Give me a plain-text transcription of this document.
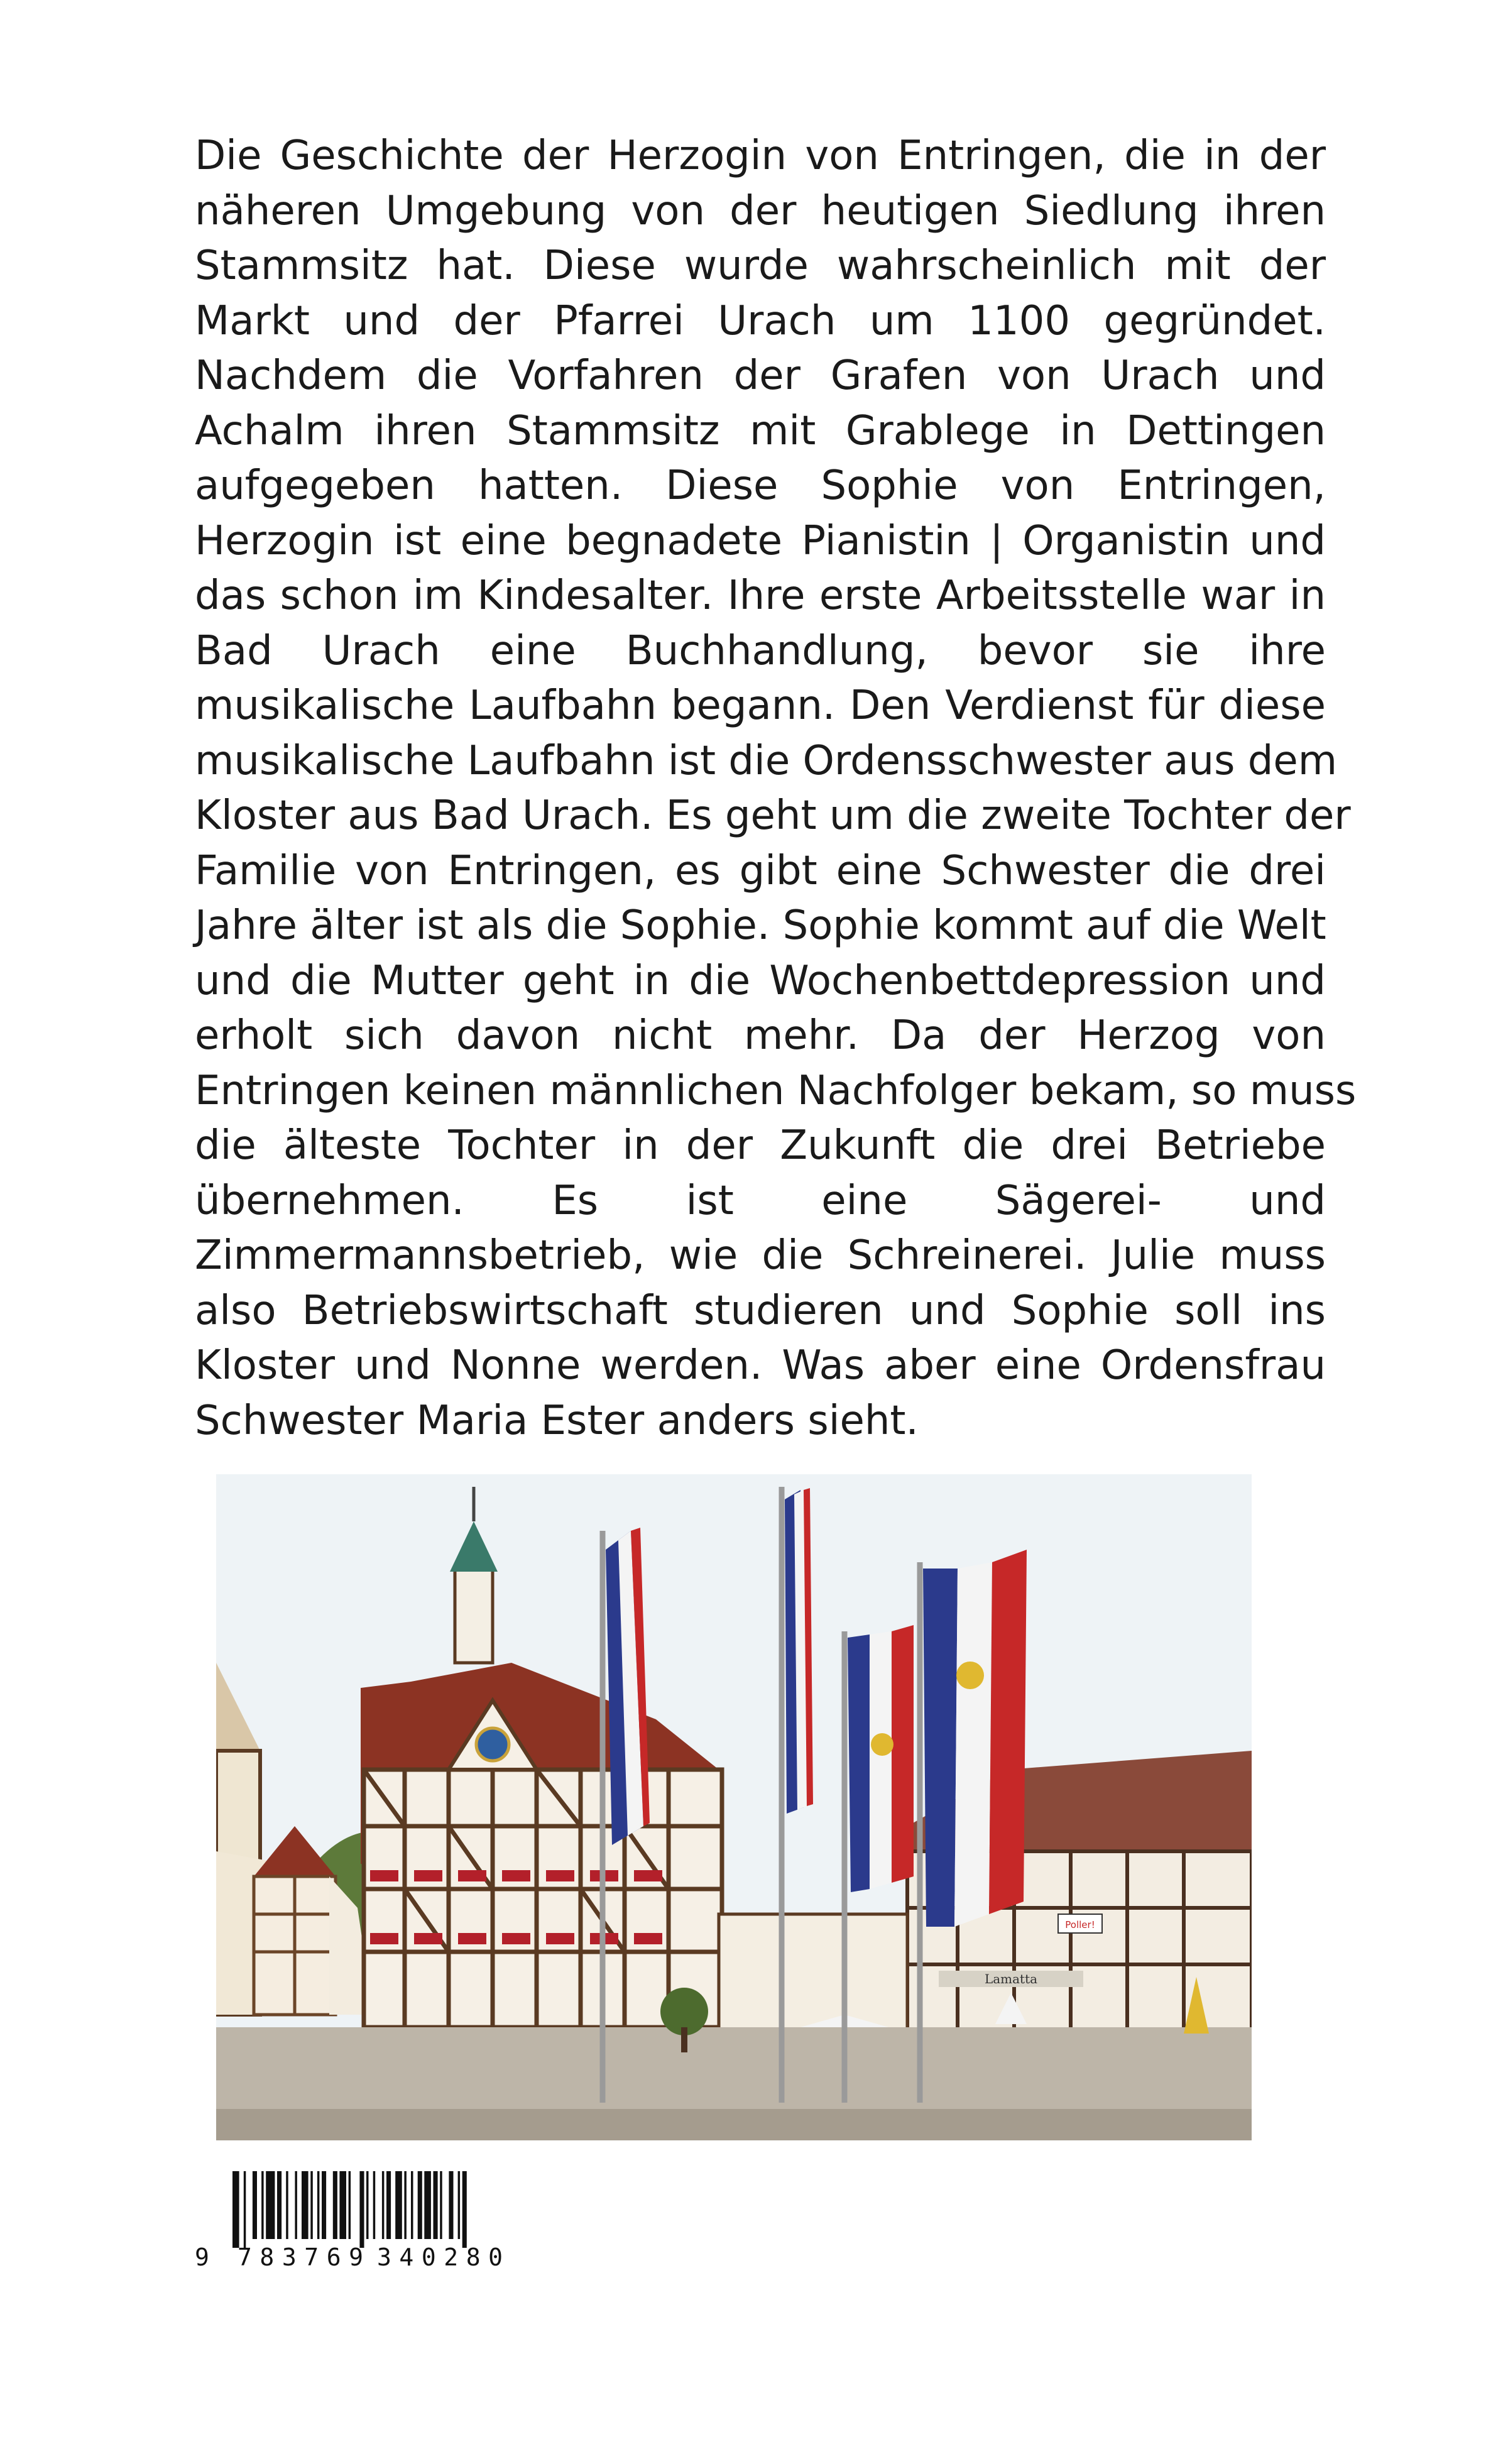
Die Geschichte der Herzogin von Entringen, die in der
näheren Umgebung von der heutigen Siedlung ihren
Stammsitz hat. Diese wurde wahrscheinlich mit der
Markt und der Pfarrei Urach um 1100 gegründet.
Nachdem die Vorfahren der Grafen von Urach und
Achalm ihren Stammsitz mit Grablege in Dettingen
aufgegeben hatten. Diese Sophie von Entringen,
Herzogin ist eine begnadete Pianistin | Organistin und
das schon im Kindesalter. Ihre erste Arbeitsstelle war in
Bad Urach eine Buchhandlung, bevor sie ihre
musikalische Laufbahn begann. Den Verdienst für diese
musikalische Laufbahn ist die Ordensschwester aus dem
Kloster aus Bad Urach. Es geht um die zweite Tochter der
Familie von Entringen, es gibt eine Schwester die drei
Jahre älter ist als die Sophie. Sophie kommt auf die Welt
und die Mutter geht in die Wochenbettdepression und
erholt sich davon nicht mehr. Da der Herzog von
Entringen keinen männlichen Nachfolger bekam, so muss
die älteste Tochter in der Zukunft die drei Betriebe
übernehmen. Es ist eine Sägerei- und
Zimmermannsbetrieb, wie die Schreinerei. Julie muss
also Betriebswirtschaft studieren und Sophie soll ins
Kloster und Nonne werden. Was aber eine Ordensfrau
Schwester Maria Ester anders sieht.
Lamatta
Poller!
9 783769 340280
